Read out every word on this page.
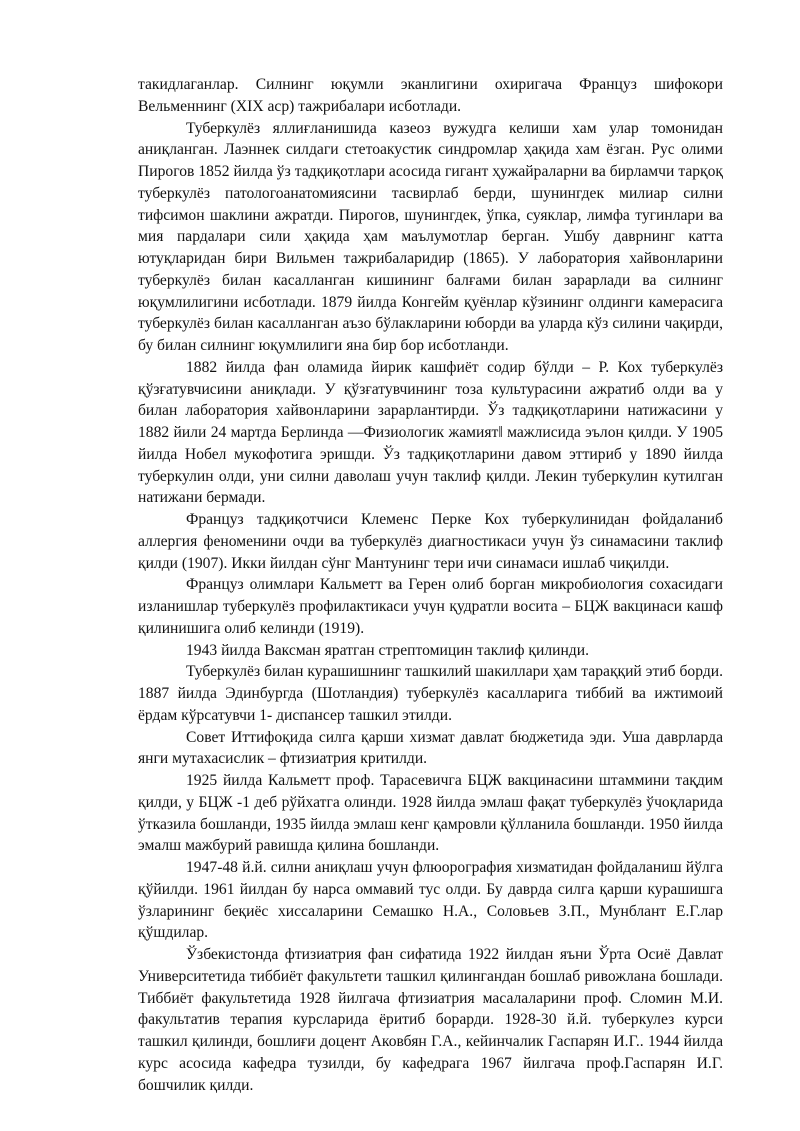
такидлаганлар. Силнинг юқумли эканлигини охиригача Француз шифокори Вельменнинг (XIX аср) тажрибалари исботлади.

Туберкулёз яллиғланишида казеоз вужудга келиши хам улар томонидан аниқланган. Лаэннек силдаги стетоакустик синдромлар ҳақида хам ёзган. Рус олими Пирогов 1852 йилда ўз тадқиқотлари асосида гигант ҳужайраларни ва бирламчи тарқоқ туберкулёз патологоанатомиясини тасвирлаб берди, шунингдек милиар силни тифсимон шаклини ажратди. Пирогов, шунингдек, ўпка, суяклар, лимфа тугинлари ва мия пардалари сили ҳақида ҳам маълумотлар берган. Ушбу даврнинг катта ютуқларидан бири Вильмен тажрибаларидир (1865). У лаборатория хайвонларини туберкулёз билан касалланган кишининг балғами билан зарарлади ва силнинг юқумлилигини исботлади. 1879 йилда Конгейм қуёнлар кўзининг олдинги камерасига туберкулёз билан касалланган аъзо бўлакларини юборди ва уларда кўз силини чақирди, бу билан силнинг юқумлилиги яна бир бор исботланди.

1882 йилда фан оламида йирик кашфиёт содир бўлди – Р. Кох туберкулёз қўзғатувчисини аниқлади. У қўзғатувчининг тоза культурасини ажратиб олди ва у билан лаборатория хайвонларини зарарлантирди. Ўз тадқиқотларини натижасини у 1882 йили 24 мартда Берлинда ―Физиологик жамиятǁ мажлисида эълон қилди. У 1905 йилда Нобел мукофотига эришди. Ўз тадқиқотларини давом эттириб у 1890 йилда туберкулин олди, уни силни даволаш учун таклиф қилди. Лекин туберкулин кутилган натижани бермади.

Француз тадқиқотчиси Клеменс Перке Кох туберкулинидан фойдаланиб аллергия феноменини очди ва туберкулёз диагностикаси учун ўз синамасини таклиф қилди (1907). Икки йилдан сўнг Мантунинг тери ичи синамаси ишлаб чиқилди.

Француз олимлари Кальметт ва Герен олиб борган микробиология сохасидаги изланишлар туберкулёз профилактикаси учун қудратли восита – БЦЖ вакцинаси кашф қилинишига олиб келинди (1919).

1943 йилда Ваксман яратган стрептомицин таклиф қилинди.

Туберкулёз билан курашишнинг ташкилий шакиллари ҳам тараққий этиб борди. 1887 йилда Эдинбургда (Шотландия) туберкулёз касалларига тиббий ва ижтимоий ёрдам кўрсатувчи 1- диспансер ташкил этилди.

Совет Иттифоқида силга қарши хизмат давлат бюджетида эди. Уша даврларда янги мутахасислик – фтизиатрия критилди.

1925 йилда Кальметт проф. Тарасевичга БЦЖ вакцинасини штаммини тақдим қилди, у БЦЖ -1 деб рўйхатга олинди. 1928 йилда эмлаш фақат туберкулёз ўчоқларида ўтказила бошланди, 1935 йилда эмлаш кенг қамровли қўлланила бошланди. 1950 йилда эмалш мажбурий равишда қилина бошланди.

1947-48 й.й. силни аниқлаш учун флюорография хизматидан фойдаланиш йўлга қўйилди. 1961 йилдан бу нарса оммавий тус олди. Бу даврда силга қарши курашишга ўзларининг беқиёс хиссаларини Семашко Н.А., Соловьев З.П., Мунблант Е.Г.лар қўшдилар.

Ўзбекистонда фтизиатрия фан сифатида 1922 йилдан яъни Ўрта Осиё Давлат Университетида тиббиёт факультети ташкил қилингандан бошлаб ривожлана бошлади. Тиббиёт факультетида 1928 йилгача фтизиатрия масалаларини проф. Сломин М.И. факультатив терапия курсларида ёритиб борарди. 1928-30 й.й. туберкулез курси ташкил қилинди, бошлиғи доцент Аковбян Г.А., кейинчалик Гаспарян И.Г.. 1944 йилда курс асосида кафедра тузилди, бу кафедрага 1967 йилгача проф.Гаспарян И.Г. бошчилик қилди.
